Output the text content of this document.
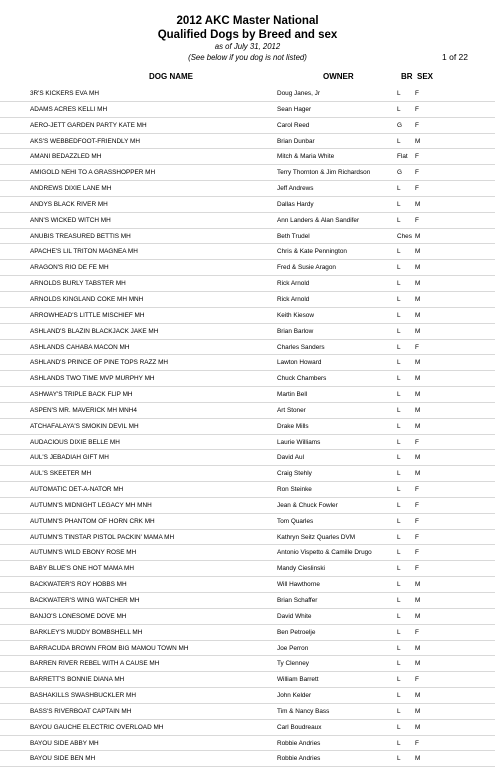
2012 AKC Master National
Qualified Dogs by Breed and sex
as of July 31, 2012
(See below if you dog is not listed)	1 of 22
DOG NAME	OWNER	BR SEX
3R'S KICKERS EVA MH	Doug Janes, Jr	L F
ADAMS ACRES KELLI MH	Sean Hager	L F
AERO-JETT GARDEN PARTY KATE MH	Carol Reed	G F
AKS'S WEBBEDFOOT-FRIENDLY MH	Brian Dunbar	L M
AMANI BEDAZZLED MH	Mitch & Maria White	Flat F
AMIGOLD NEHI TO A GRASSHOPPER MH	Terry Thornton & Jim Richardson	G F
ANDREWS DIXIE LANE MH	Jeff Andrews	L F
ANDYS BLACK RIVER MH	Dallas Hardy	L M
ANN'S WICKED WITCH MH	Ann Landers & Alan Sandifer	L F
ANUBIS TREASURED BETTIS MH	Beth Trudel	Ches M
APACHE'S LIL TRITON MAGNEA MH	Chris & Kate Pennington	L M
ARAGON'S RIO DE FE MH	Fred & Susie Aragon	L M
ARNOLDS BURLY TABSTER MH	Rick Arnold	L M
ARNOLDS KINGLAND COKE MH MNH	Rick Arnold	L M
ARROWHEAD'S LITTLE MISCHIEF MH	Keith Kiesow	L M
ASHLAND'S BLAZIN BLACKJACK JAKE MH	Brian Barlow	L M
ASHLANDS CAHABA MACON MH	Charles Sanders	L F
ASHLAND'S PRINCE OF PINE TOPS RAZZ MH	Lawton Howard	L M
ASHLANDS TWO TIME MVP MURPHY MH	Chuck Chambers	L M
ASHWAY'S TRIPLE BACK FLIP MH	Martin Bell	L M
ASPEN'S MR. MAVERICK MH MNH4	Art Stoner	L M
ATCHAFALAYA'S SMOKIN DEVIL MH	Drake Mills	L M
AUDACIOUS DIXIE BELLE MH	Laurie Williams	L F
AUL'S JEBADIAH GIFT MH	David Aul	L M
AUL'S SKEETER MH	Craig Stehly	L M
AUTOMATIC DET-A-NATOR MH	Ron Steinke	L F
AUTUMN'S MIDNIGHT LEGACY MH MNH	Jean & Chuck Fowler	L F
AUTUMN'S PHANTOM OF HORN CRK MH	Tom Quarles	L F
AUTUMN'S TINSTAR PISTOL PACKIN' MAMA MH	Kathryn Seitz Quarles DVM	L F
AUTUMN'S WILD EBONY ROSE MH	Antonio Vispetto & Camille Drugo	L F
BABY BLUE'S ONE HOT MAMA MH	Mandy Cieslinski	L F
BACKWATER'S ROY HOBBS MH	Will Hawthorne	L M
BACKWATER'S WING WATCHER MH	Brian Schaffer	L M
BANJO'S LONESOME DOVE MH	David White	L M
BARKLEY'S MUDDY BOMBSHELL MH	Ben Petroelje	L F
BARRACUDA BROWN FROM BIG MAMOU TOWN MH	Joe Perron	L M
BARREN RIVER REBEL WITH A CAUSE MH	Ty Clenney	L M
BARRETT'S BONNIE DIANA MH	William Barrett	L F
BASHAKILLS SWASHBUCKLER MH	John Kelder	L M
BASS'S RIVERBOAT CAPTAIN MH	Tim & Nancy Bass	L M
BAYOU GAUCHE ELECTRIC OVERLOAD MH	Carl Boudreaux	L M
BAYOU SIDE ABBY MH	Robbie Andries	L F
BAYOU SIDE BEN MH	Robbie Andries	L M
